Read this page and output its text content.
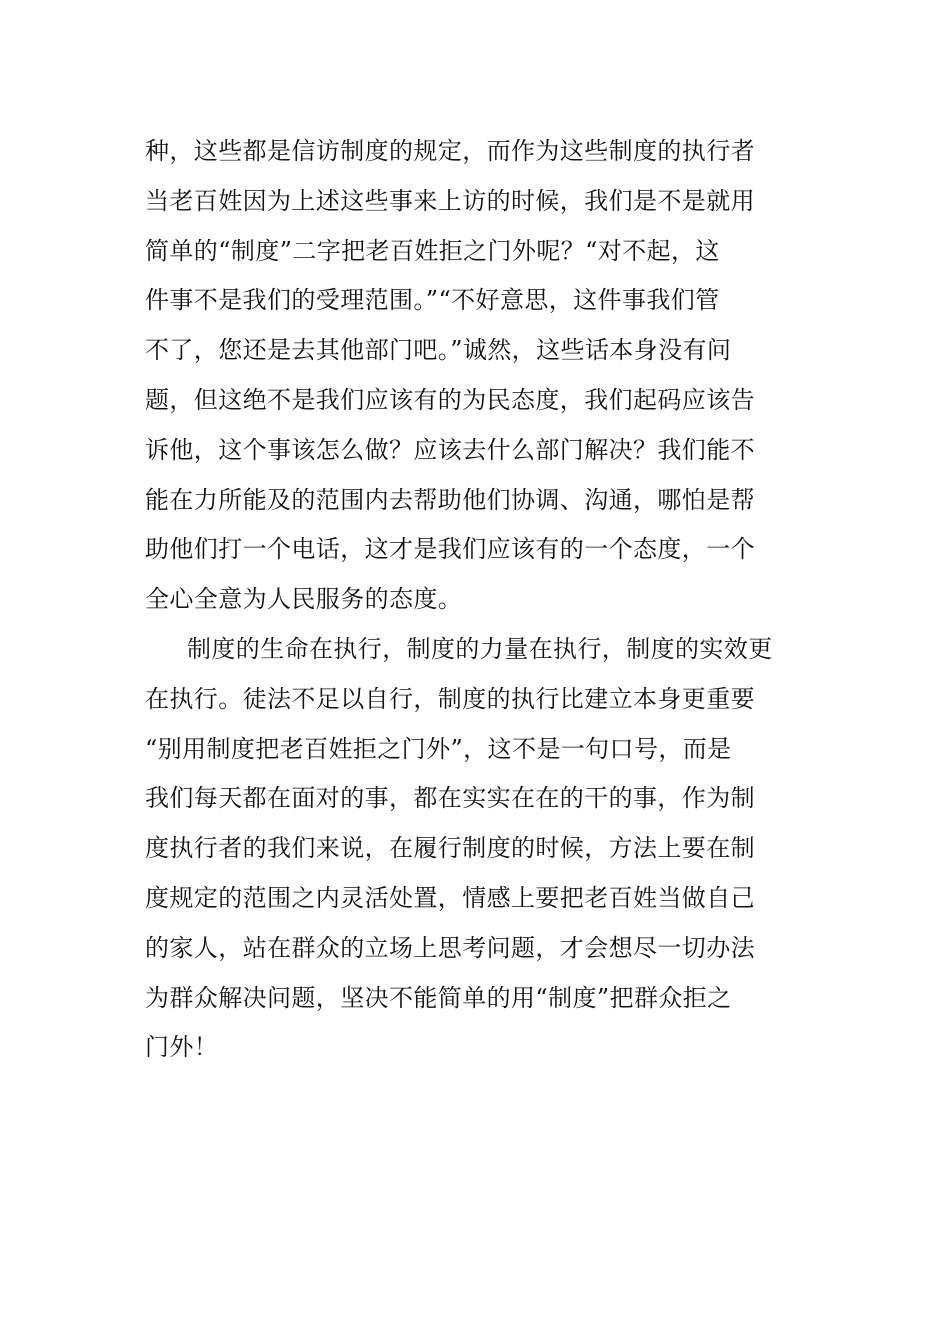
种，这些都是信访制度的规定，而作为这些制度的执行者
当老百姓因为上述这些事来上访的时候，我们是不是就用
简单的“制度”二字把老百姓拒之门外呢？“对不起，这
件事不是我们的受理范围。”“不好意思，这件事我们管
不了，您还是去其他部门吧。”诚然，这些话本身没有问
题，但这绝不是我们应该有的为民态度，我们起码应该告
诉他，这个事该怎么做？应该去什么部门解决？我们能不
能在力所能及的范围内去帮助他们协调、沟通，哪怕是帮
助他们打一个电话，这才是我们应该有的一个态度，一个
全心全意为人民服务的态度。
制度的生命在执行，制度的力量在执行，制度的实效更
在执行。徒法不足以自行，制度的执行比建立本身更重要
“别用制度把老百姓拒之门外”，这不是一句口号，而是
我们每天都在面对的事，都在实实在在的干的事，作为制
度执行者的我们来说，在履行制度的时候，方法上要在制
度规定的范围之内灵活处置，情感上要把老百姓当做自己
的家人，站在群众的立场上思考问题，才会想尽一切办法
为群众解决问题，坚决不能简单的用“制度”把群众拒之
门外！
